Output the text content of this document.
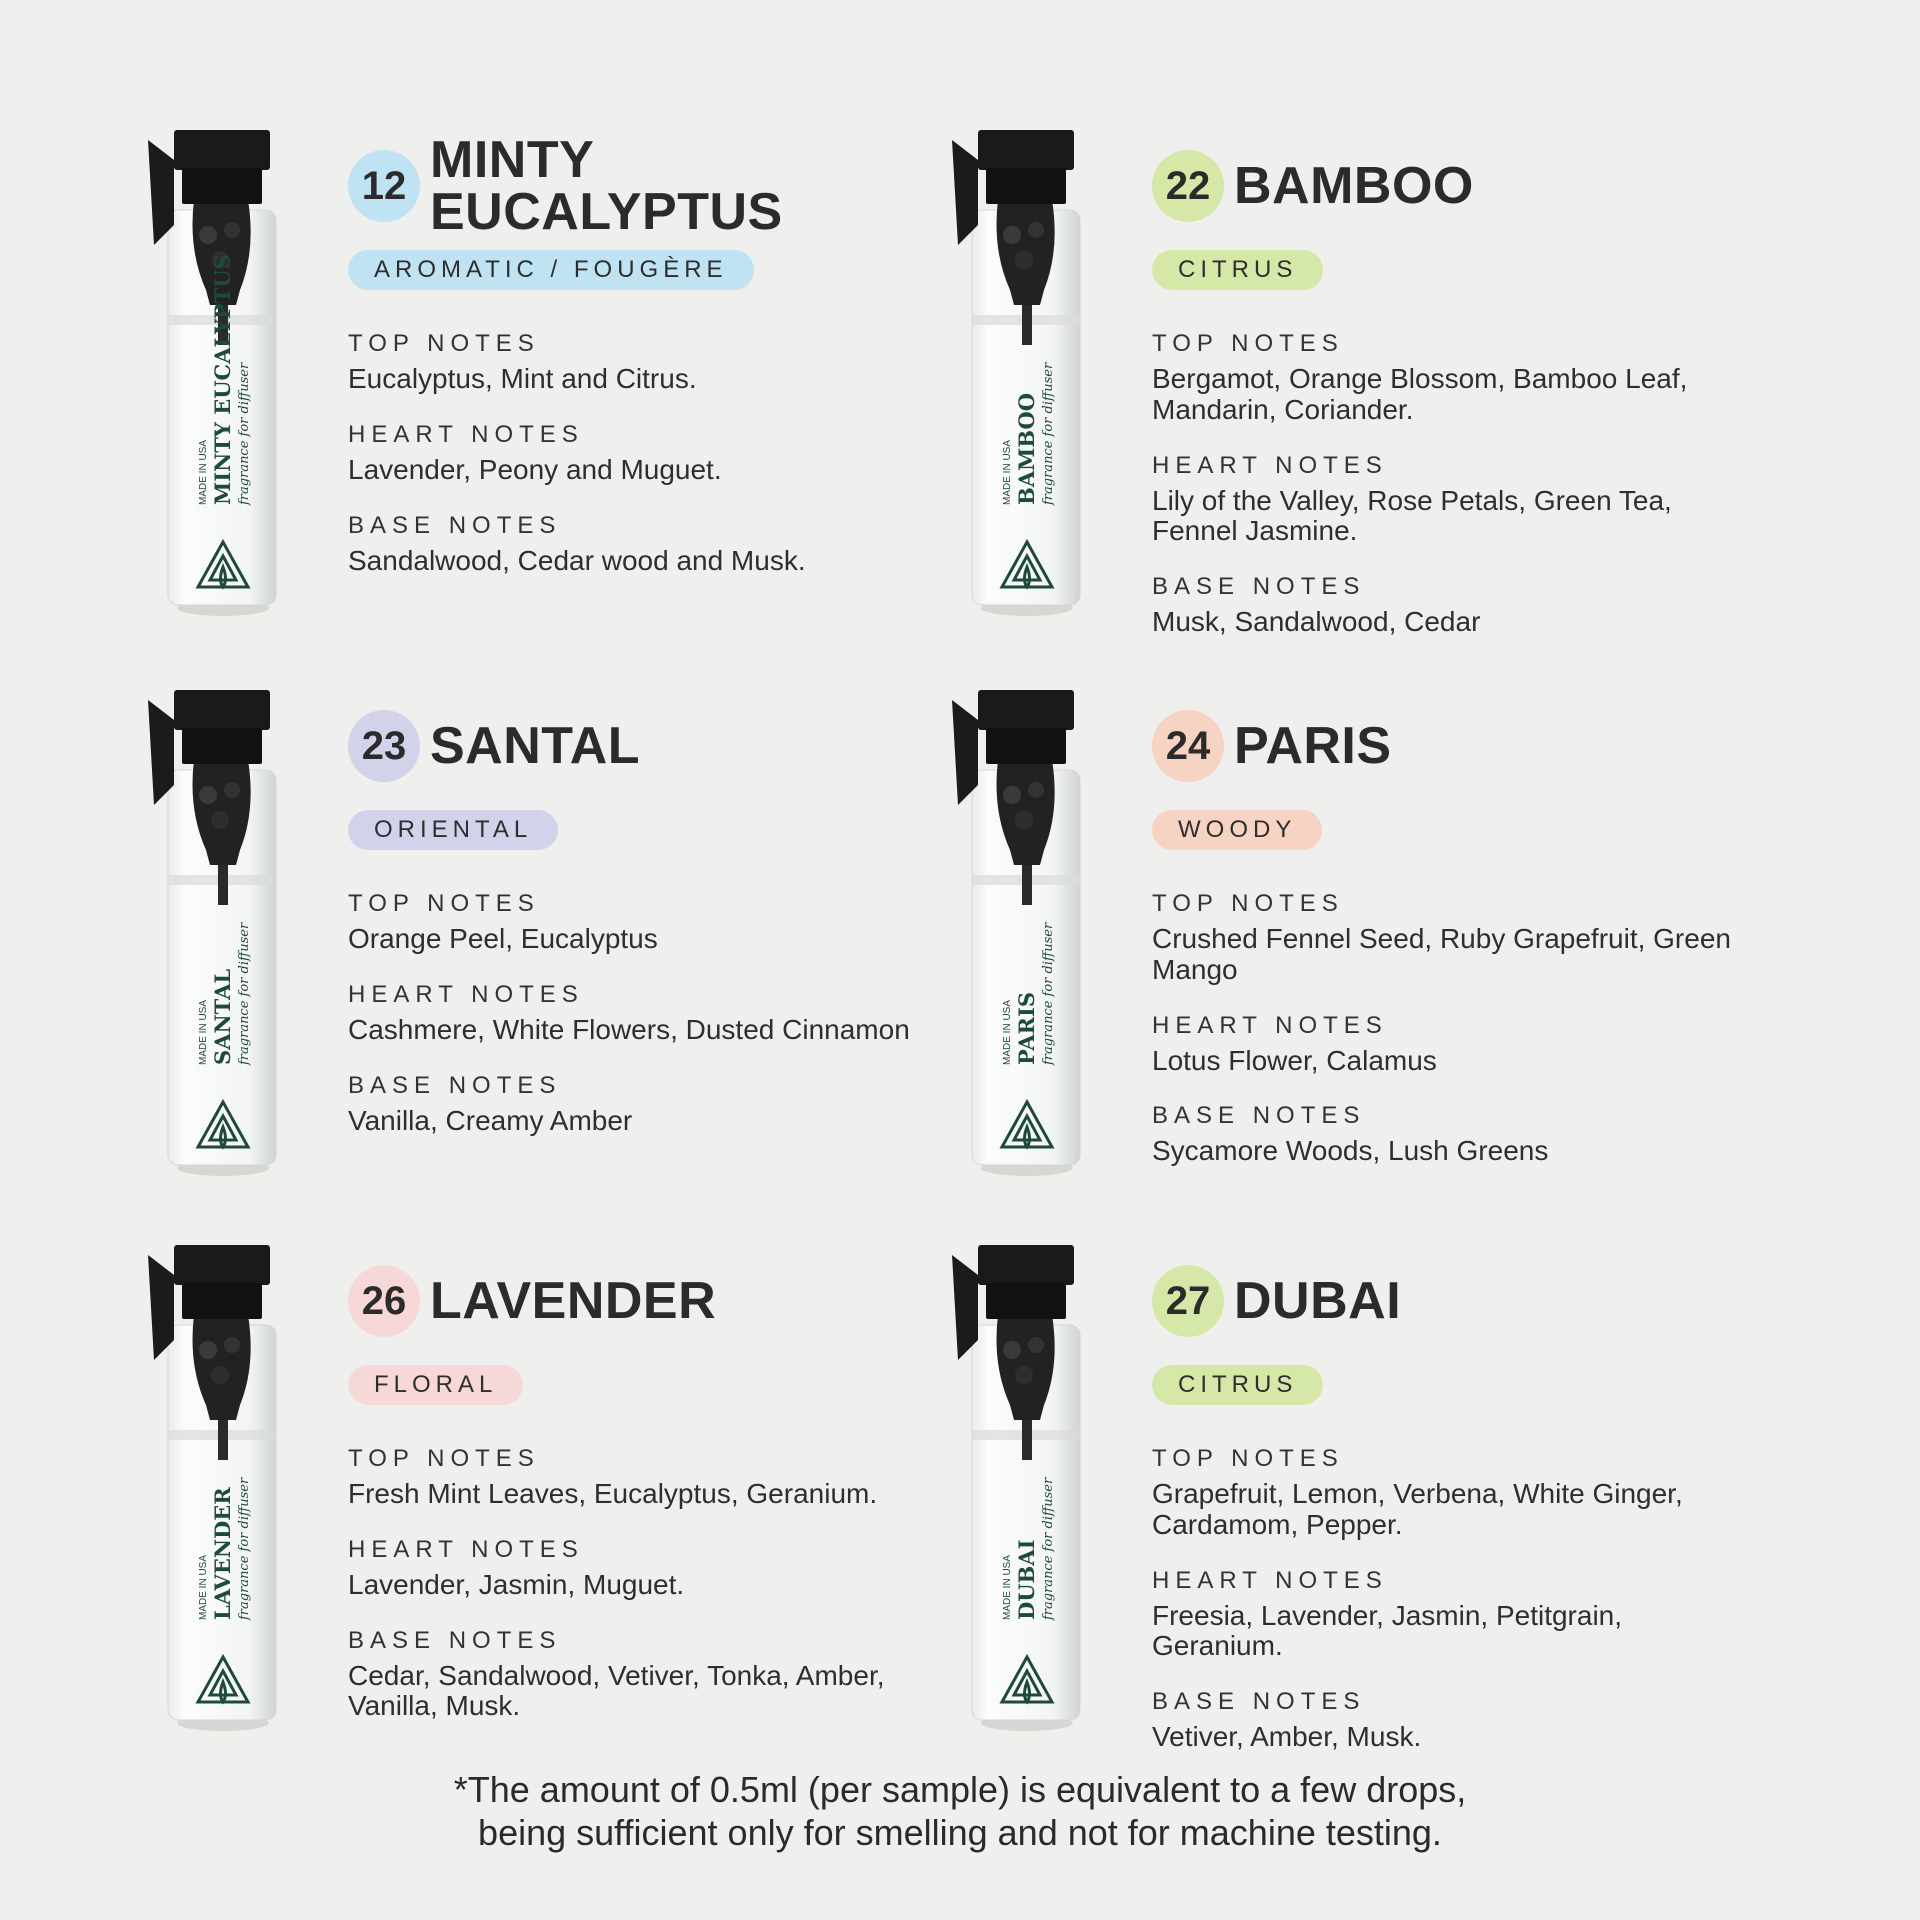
MADE IN USA MINTY EUCALYPTUS fragrance for diffuser
12 MINTY
EUCALYPTUS
AROMATIC / FOUGÈRE
TOP NOTES
Eucalyptus, Mint and Citrus.
HEART NOTES
Lavender, Peony and Muguet.
BASE NOTES
Sandalwood, Cedar wood and Musk.
MADE IN USA BAMBOO fragrance for diffuser
22 BAMBOO
CITRUS
TOP NOTES
Bergamot, Orange Blossom, Bamboo Leaf, Mandarin, Coriander.
HEART NOTES
Lily of the Valley, Rose Petals, Green Tea, Fennel Jasmine.
BASE NOTES
Musk, Sandalwood, Cedar
MADE IN USA SANTAL fragrance for diffuser
23 SANTAL
ORIENTAL
TOP NOTES
Orange Peel, Eucalyptus
HEART NOTES
Cashmere, White Flowers, Dusted Cinnamon
BASE NOTES
Vanilla, Creamy Amber
MADE IN USA PARIS fragrance for diffuser
24 PARIS
WOODY
TOP NOTES
Crushed Fennel Seed, Ruby Grapefruit, Green Mango
HEART NOTES
Lotus Flower, Calamus
BASE NOTES
Sycamore Woods, Lush Greens
MADE IN USA LAVENDER fragrance for diffuser
26 LAVENDER
FLORAL
TOP NOTES
Fresh Mint Leaves, Eucalyptus, Geranium.
HEART NOTES
Lavender, Jasmin, Muguet.
BASE NOTES
Cedar, Sandalwood, Vetiver, Tonka, Amber, Vanilla, Musk.
MADE IN USA DUBAI fragrance for diffuser
27 DUBAI
CITRUS
TOP NOTES
Grapefruit, Lemon, Verbena, White Ginger, Cardamom, Pepper.
HEART NOTES
Freesia, Lavender, Jasmin, Petitgrain, Geranium.
BASE NOTES
Vetiver, Amber, Musk.
*The amount of 0.5ml (per sample) is equivalent to a few drops,
being sufficient only for smelling and not for machine testing.
